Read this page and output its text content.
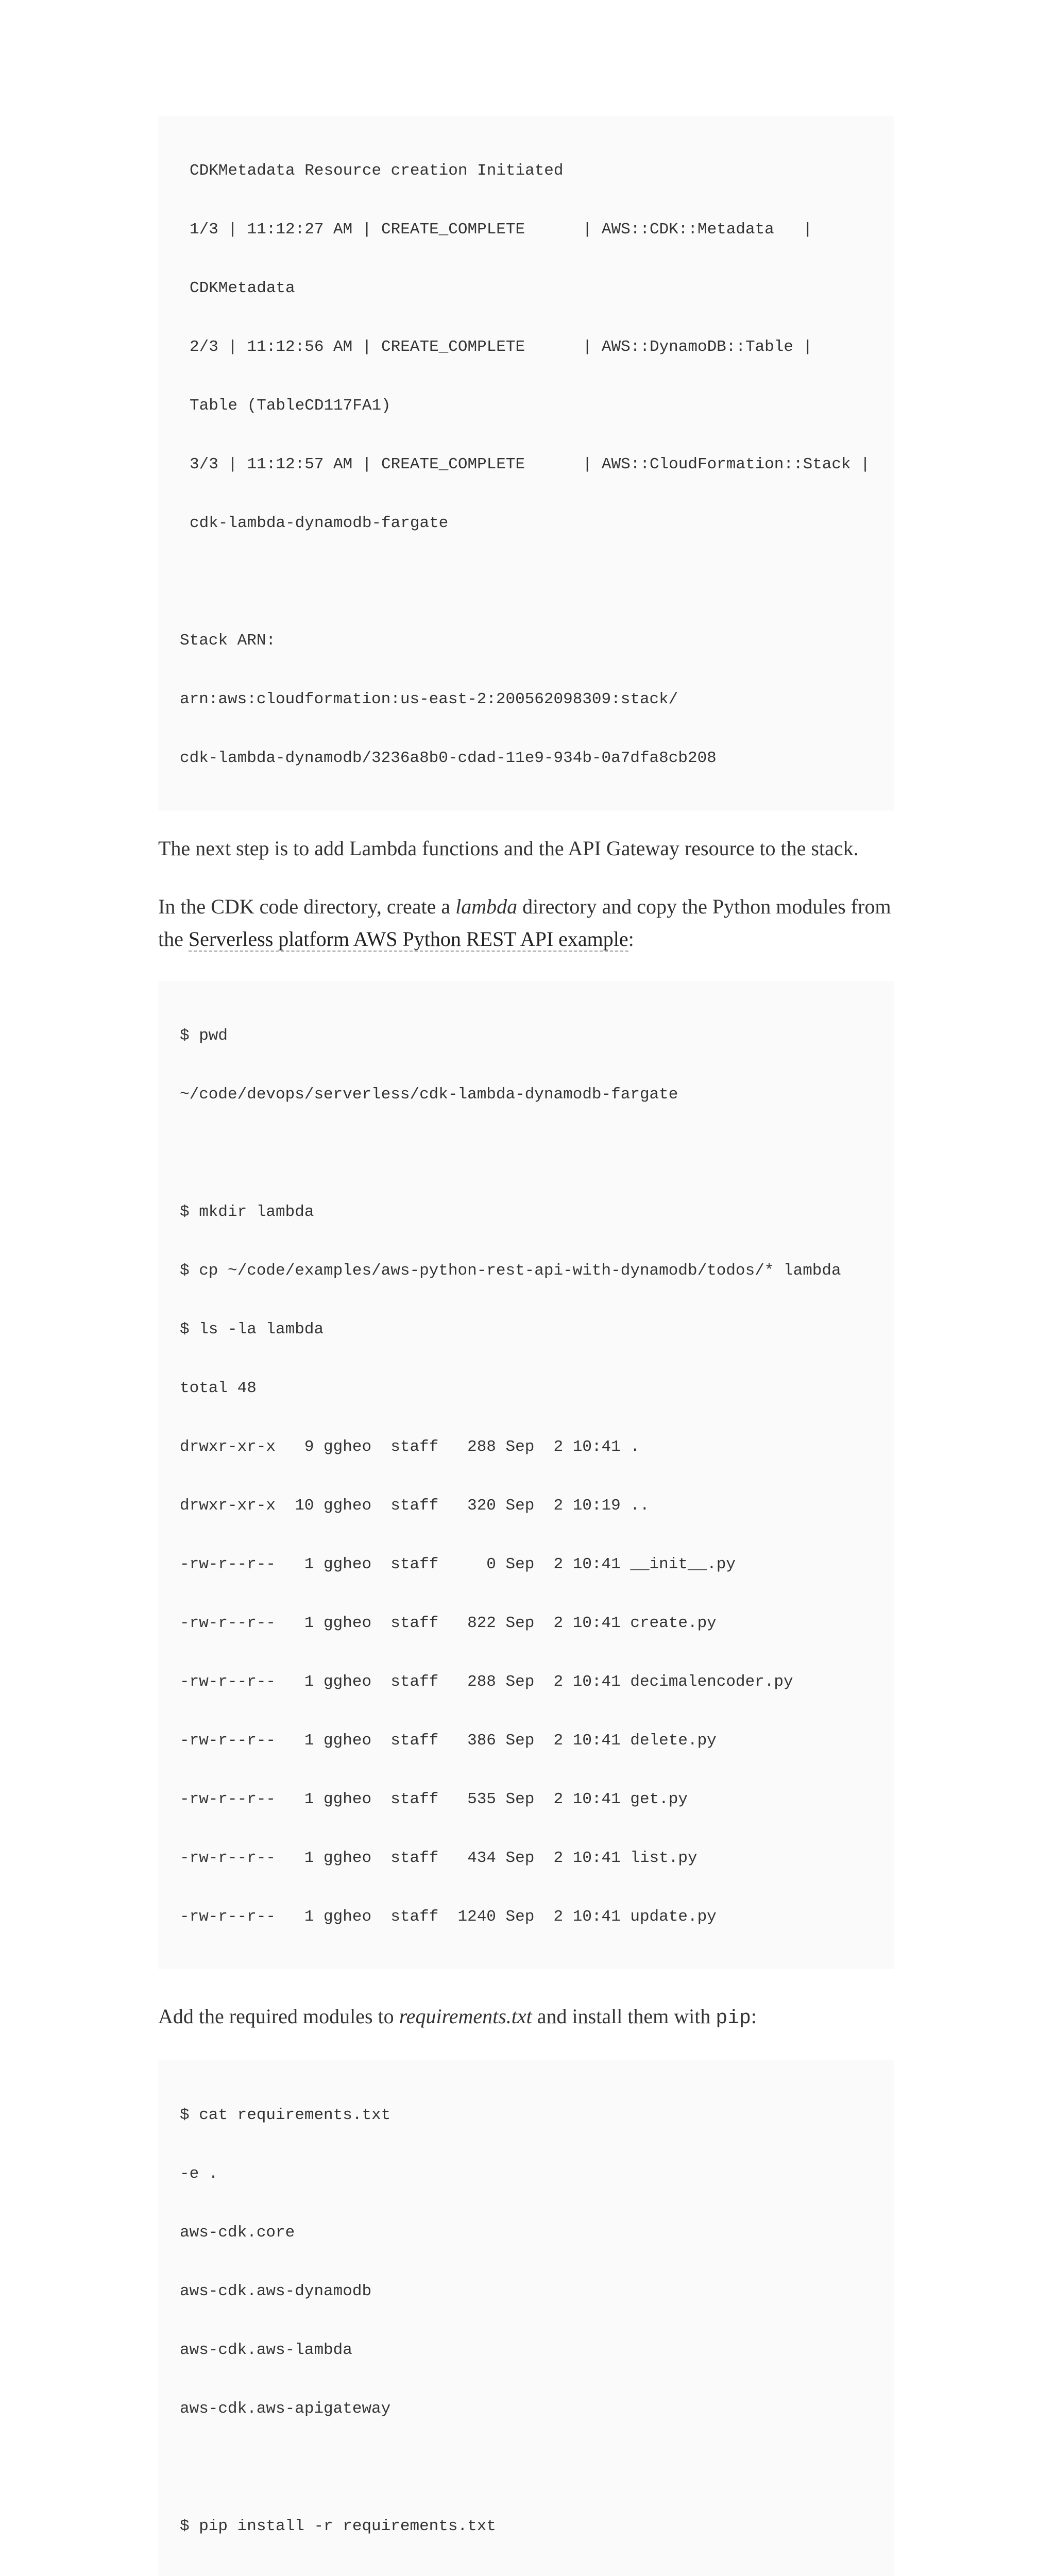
CDKMetadata Resource creation Initiated

1/3 | 11:12:27 AM | CREATE_COMPLETE      | AWS::CDK::Metadata   |

CDKMetadata

2/3 | 11:12:56 AM | CREATE_COMPLETE      | AWS::DynamoDB::Table |

Table (TableCD117FA1)

3/3 | 11:12:57 AM | CREATE_COMPLETE      | AWS::CloudFormation::Stack |

cdk-lambda-dynamodb-fargate

Stack ARN:

arn:aws:cloudformation:us-east-2:200562098309:stack/

cdk-lambda-dynamodb/3236a8b0-cdad-11e9-934b-0a7dfa8cb208

The next step is to add Lambda functions and the API Gateway resource to the stack.

In the CDK code directory, create a lambda directory and copy the Python modules from the Serverless platform AWS Python REST API example:

$ pwd

~/code/devops/serverless/cdk-lambda-dynamodb-fargate

$ mkdir lambda

$ cp ~/code/examples/aws-python-rest-api-with-dynamodb/todos/* lambda

$ ls -la lambda

total 48

drwxr-xr-x   9 ggheo  staff   288 Sep  2 10:41 .

drwxr-xr-x  10 ggheo  staff   320 Sep  2 10:19 ..

-rw-r--r--   1 ggheo  staff     0 Sep  2 10:41 __init__.py

-rw-r--r--   1 ggheo  staff   822 Sep  2 10:41 create.py

-rw-r--r--   1 ggheo  staff   288 Sep  2 10:41 decimalencoder.py

-rw-r--r--   1 ggheo  staff   386 Sep  2 10:41 delete.py

-rw-r--r--   1 ggheo  staff   535 Sep  2 10:41 get.py

-rw-r--r--   1 ggheo  staff   434 Sep  2 10:41 list.py

-rw-r--r--   1 ggheo  staff  1240 Sep  2 10:41 update.py

Add the required modules to requirements.txt and install them with pip:

$ cat requirements.txt

-e .

aws-cdk.core

aws-cdk.aws-dynamodb

aws-cdk.aws-lambda

aws-cdk.aws-apigateway

$ pip install -r requirements.txt
